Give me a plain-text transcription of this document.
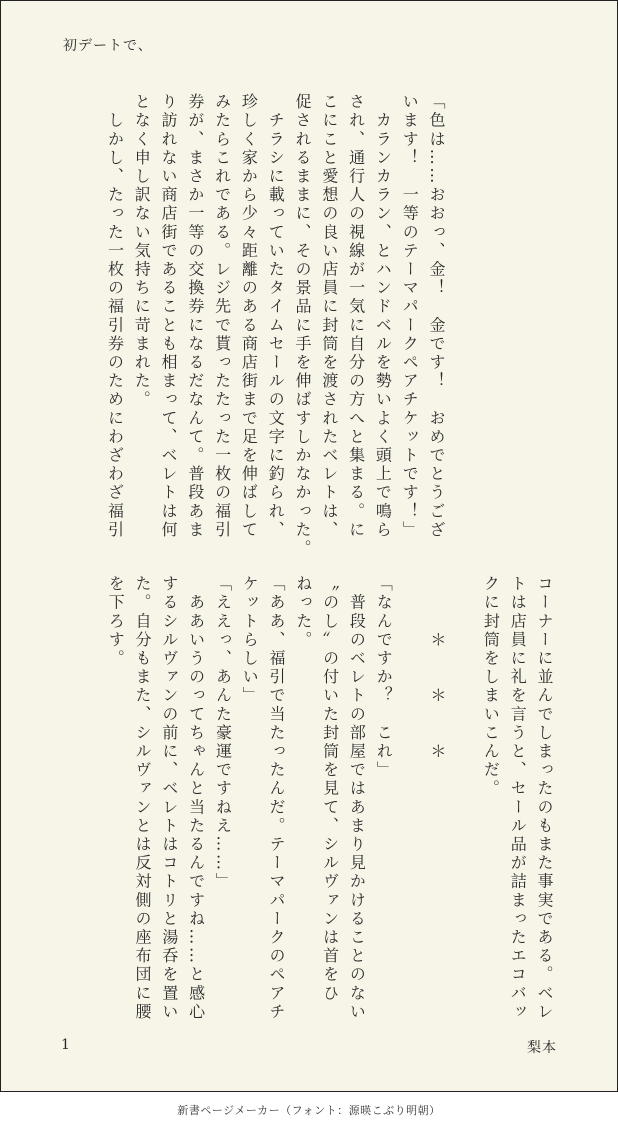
初デートで、
「色は……おおっ、金！　金です！　おめでとうござ
います！　一等のテーマパークペアチケットです！」
　カランカラン、とハンドベルを勢いよく頭上で鳴ら
され、通行人の視線が一気に自分の方へと集まる。に
こにこと愛想の良い店員に封筒を渡されたベレトは、
促されるままに、その景品に手を伸ばすしかなかった。
　チラシに載っていたタイムセールの文字に釣られ、
珍しく家から少々距離のある商店街まで足を伸ばして
みたらこれである。レジ先で貰ったたった一枚の福引
券が、まさか一等の交換券になるだなんて。普段あま
り訪れない商店街であることも相まって、ベレトは何
となく申し訳ない気持ちに苛まれた。
　しかし、たった一枚の福引券のためにわざわざ福引
コーナーに並んでしまったのもまた事実である。ベレ
トは店員に礼を言うと、セール品が詰まったエコバッ
クに封筒をしまいこんだ。

　　　＊　　＊　　＊

「なんですか？　これ」
　普段のベレトの部屋ではあまり見かけることのない
〝のし〟の付いた封筒を見て、シルヴァンは首をひ
ねった。
「ああ、福引で当たったんだ。テーマパークのペアチ
ケットらしい」
「ええっ、あんた豪運ですねえ……」
　ああいうのってちゃんと当たるんですね……と感心
するシルヴァンの前に、ベレトはコトリと湯呑を置い
た。自分もまた、シルヴァンとは反対側の座布団に腰
を下ろす。
1	梨本
新書ページメーカー（フォント：源暎こぶり明朝）
